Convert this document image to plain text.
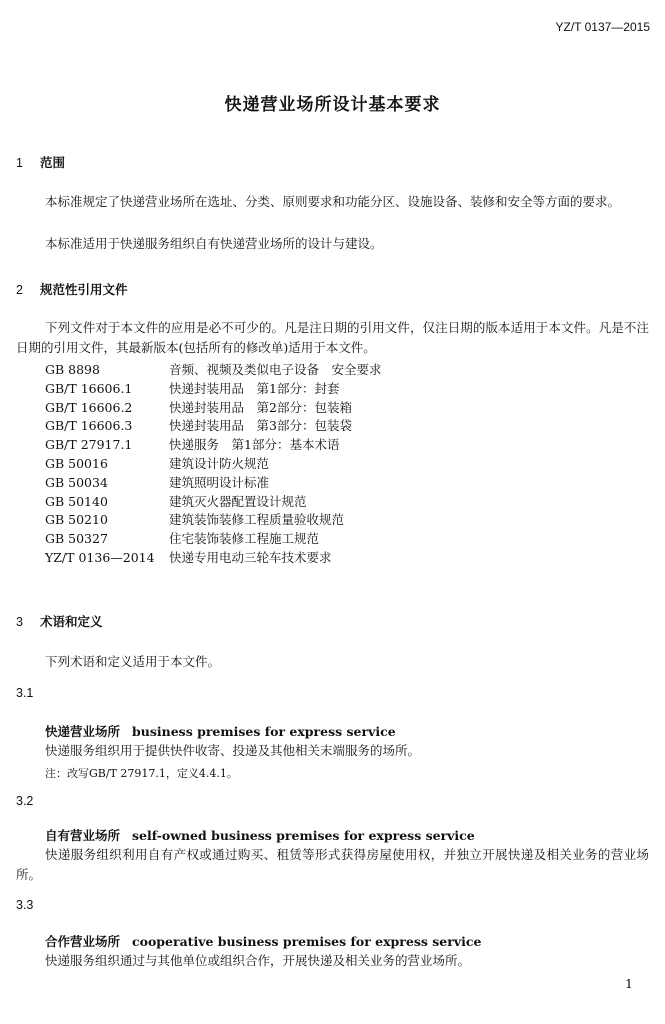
YZ/T 0137—2015
快递营业场所设计基本要求
1 范围
本标准规定了快递营业场所在选址、分类、原则要求和功能分区、设施设备、装修和安全等方面的要求。
本标准适用于快递服务组织自有快递营业场所的设计与建设。
2 规范性引用文件
下列文件对于本文件的应用是必不可少的。凡是注日期的引用文件，仅注日期的版本适用于本文件。凡是不注日期的引用文件，其最新版本(包括所有的修改单)适用于本文件。
GB 8898	音频、视频及类似电子设备　安全要求
GB/T 16606.1	快递封装用品　第1部分：封套
GB/T 16606.2	快递封装用品　第2部分：包装箱
GB/T 16606.3	快递封装用品　第3部分：包装袋
GB/T 27917.1	快递服务　第1部分：基本术语
GB 50016	建筑设计防火规范
GB 50034	建筑照明设计标准
GB 50140	建筑灭火器配置设计规范
GB 50210	建筑装饰装修工程质量验收规范
GB 50327	住宅装饰装修工程施工规范
YZ/T 0136—2014 快递专用电动三轮车技术要求
3 术语和定义
下列术语和定义适用于本文件。
3.1
快递营业场所 business premises for express service
快递服务组织用于提供快件收寄、投递及其他相关末端服务的场所。
注：改写GB/T 27917.1，定义4.4.1。
3.2
自有营业场所 self-owned business premises for express service
快递服务组织利用自有产权或通过购买、租赁等形式获得房屋使用权，并独立开展快递及相关业务的营业场所。
3.3
合作营业场所 cooperative business premises for express service
快递服务组织通过与其他单位或组织合作，开展快递及相关业务的营业场所。
1
